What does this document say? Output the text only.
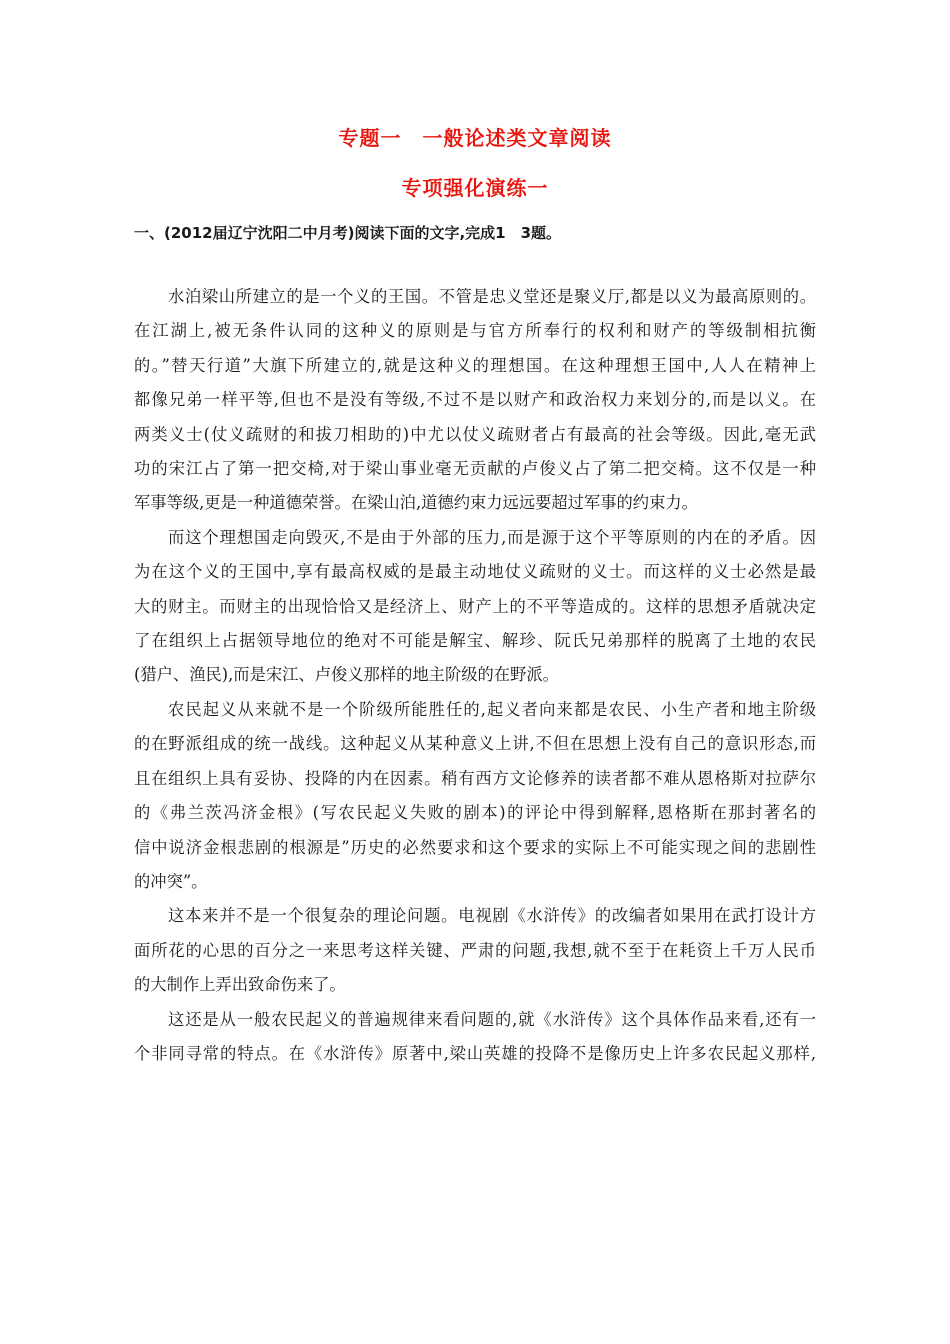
专题一　一般论述类文章阅读
专项强化演练一
一、(2012届辽宁沈阳二中月考)阅读下面的文字,完成1　3题。

水泊梁山所建立的是一个义的王国。不管是忠义堂还是聚义厅,都是以义为最高原则的。
在江湖上,被无条件认同的这种义的原则是与官方所奉行的权利和财产的等级制相抗衡
的。”替天行道”大旗下所建立的,就是这种义的理想国。在这种理想王国中,人人在精神上
都像兄弟一样平等,但也不是没有等级,不过不是以财产和政治权力来划分的,而是以义。在
两类义士(仗义疏财的和拔刀相助的)中尤以仗义疏财者占有最高的社会等级。因此,毫无武
功的宋江占了第一把交椅,对于梁山事业毫无贡献的卢俊义占了第二把交椅。这不仅是一种
军事等级,更是一种道德荣誉。在梁山泊,道德约束力远远要超过军事的约束力。

而这个理想国走向毁灭,不是由于外部的压力,而是源于这个平等原则的内在的矛盾。因
为在这个义的王国中,享有最高权威的是最主动地仗义疏财的义士。而这样的义士必然是最
大的财主。而财主的出现恰恰又是经济上、财产上的不平等造成的。这样的思想矛盾就决定
了在组织上占据领导地位的绝对不可能是解宝、解珍、阮氏兄弟那样的脱离了土地的农民
(猎户、渔民),而是宋江、卢俊义那样的地主阶级的在野派。

农民起义从来就不是一个阶级所能胜任的,起义者向来都是农民、小生产者和地主阶级
的在野派组成的统一战线。这种起义从某种意义上讲,不但在思想上没有自己的意识形态,而
且在组织上具有妥协、投降的内在因素。稍有西方文论修养的读者都不难从恩格斯对拉萨尔
的《弗兰茨冯济金根》(写农民起义失败的剧本)的评论中得到解释,恩格斯在那封著名的
信中说济金根悲剧的根源是”历史的必然要求和这个要求的实际上不可能实现之间的悲剧性
的冲突”。

这本来并不是一个很复杂的理论问题。电视剧《水浒传》的改编者如果用在武打设计方
面所花的心思的百分之一来思考这样关键、严肃的问题,我想,就不至于在耗资上千万人民币
的大制作上弄出致命伤来了。

这还是从一般农民起义的普遍规律来看问题的,就《水浒传》这个具体作品来看,还有一
个非同寻常的特点。在《水浒传》原著中,梁山英雄的投降不是像历史上许多农民起义那样,
